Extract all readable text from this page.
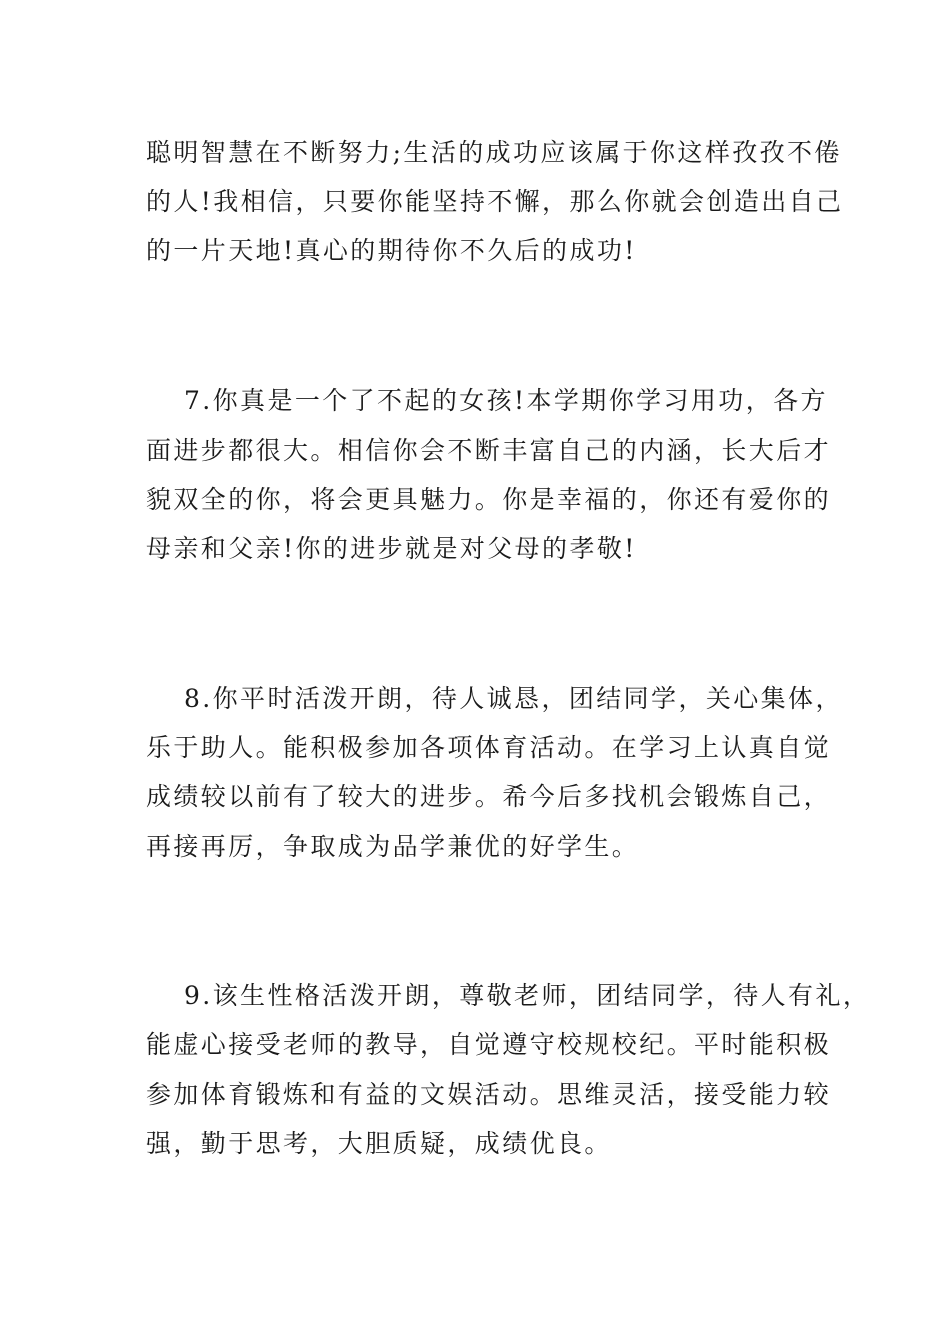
聪明智慧在不断努力;生活的成功应该属于你这样孜孜不倦
的人!我相信，只要你能坚持不懈，那么你就会创造出自己
的一片天地!真心的期待你不久后的成功!
7.你真是一个了不起的女孩!本学期你学习用功，各方
面进步都很大。相信你会不断丰富自己的内涵，长大后才
貌双全的你，将会更具魅力。你是幸福的，你还有爱你的
母亲和父亲!你的进步就是对父母的孝敬!
8.你平时活泼开朗，待人诚恳，团结同学，关心集体，
乐于助人。能积极参加各项体育活动。在学习上认真自觉
成绩较以前有了较大的进步。希今后多找机会锻炼自己，
再接再厉，争取成为品学兼优的好学生。
9.该生性格活泼开朗，尊敬老师，团结同学，待人有礼，
能虚心接受老师的教导，自觉遵守校规校纪。平时能积极
参加体育锻炼和有益的文娱活动。思维灵活，接受能力较
强，勤于思考，大胆质疑，成绩优良。
